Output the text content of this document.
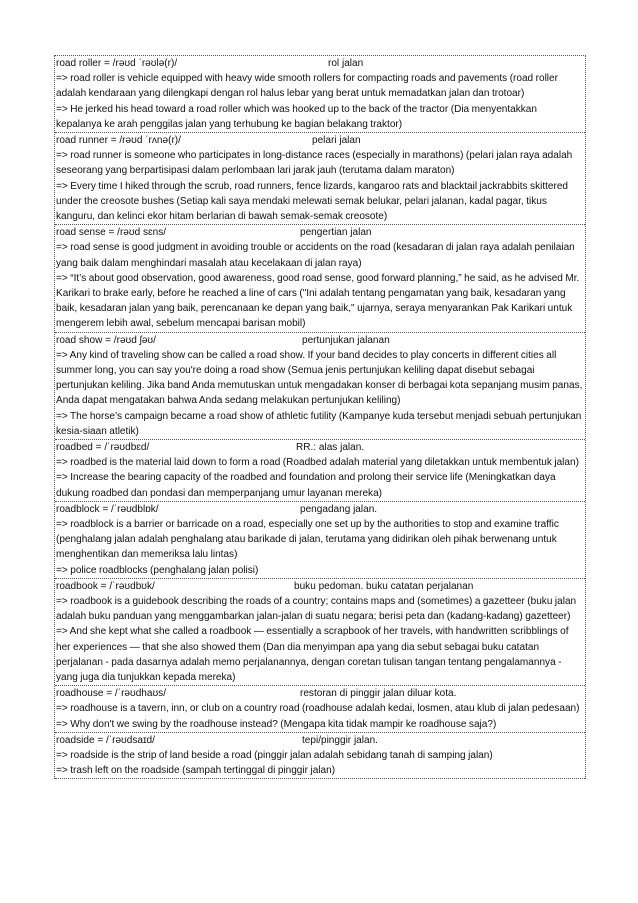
road roller = /rəʊd ˈrəʊlə(r)/	rol jalan
=> road roller is vehicle equipped with heavy wide smooth rollers for compacting roads and pavements (road roller adalah kendaraan yang dilengkapi dengan rol halus lebar yang berat untuk memadatkan jalan dan trotoar)
=> He jerked his head toward a road roller which was hooked up to the back of the tractor (Dia menyentakkan kepalanya ke arah penggilas jalan yang terhubung ke bagian belakang traktor)
road runner = /rəʊd ˈrʌnə(r)/	pelari jalan
=> road runner is someone who participates in long-distance races (especially in marathons) (pelari jalan raya adalah seseorang yang berpartisipasi dalam perlombaan lari jarak jauh (terutama dalam maraton)
=> Every time I hiked through the scrub, road runners, fence lizards, kangaroo rats and blacktail jackrabbits skittered under the creosote bushes (Setiap kali saya mendaki melewati semak belukar, pelari jalanan, kadal pagar, tikus kanguru, dan kelinci ekor hitam berlarian di bawah semak-semak creosote)
road sense = /rəʊd sɛns/	pengertian jalan
=> road sense is good judgment in avoiding trouble or accidents on the road (kesadaran di jalan raya adalah penilaian yang baik dalam menghindari masalah atau kecelakaan di jalan raya)
=> “It’s about good observation, good awareness, good road sense, good forward planning,” he said, as he advised Mr. Karikari to brake early, before he reached a line of cars ("Ini adalah tentang pengamatan yang baik, kesadaran yang baik, kesadaran jalan yang baik, perencanaan ke depan yang baik," ujarnya, seraya menyarankan Pak Karikari untuk mengerem lebih awal, sebelum mencapai barisan mobil)
road show = /rəʊd ʃəʊ/	pertunjukan jalanan
=> Any kind of traveling show can be called a road show. If your band decides to play concerts in different cities all summer long, you can say you're doing a road show (Semua jenis pertunjukan keliling dapat disebut sebagai pertunjukan keliling. Jika band Anda memutuskan untuk mengadakan konser di berbagai kota sepanjang musim panas, Anda dapat mengatakan bahwa Anda sedang melakukan pertunjukan keliling)
=> The horse’s campaign became a road show of athletic futility (Kampanye kuda tersebut menjadi sebuah pertunjukan kesia-siaan atletik)
roadbed = /ˈrəʊdbɛd/	RR.: alas jalan.
=> roadbed is the material laid down to form a road (Roadbed adalah material yang diletakkan untuk membentuk jalan)
=> Increase the bearing capacity of the roadbed and foundation and prolong their service life (Meningkatkan daya dukung roadbed dan pondasi dan memperpanjang umur layanan mereka)
roadblock = /ˈrəʊdblɒk/	pengadang jalan.
=> roadblock is a barrier or barricade on a road, especially one set up by the authorities to stop and examine traffic (penghalang jalan adalah penghalang atau barikade di jalan, terutama yang didirikan oleh pihak berwenang untuk menghentikan dan memeriksa lalu lintas)
=> police roadblocks (penghalang jalan polisi)
roadbook = /ˈrəʊdbʊk/	buku pedoman. buku catatan perjalanan
=> roadbook is a guidebook describing the roads of a country; contains maps and (sometimes) a gazetteer (buku jalan adalah buku panduan yang menggambarkan jalan-jalan di suatu negara; berisi peta dan (kadang-kadang) gazetteer)
=> And she kept what she called a roadbook — essentially a scrapbook of her travels, with handwritten scribblings of her experiences — that she also showed them (Dan dia menyimpan apa yang dia sebut sebagai buku catatan perjalanan - pada dasarnya adalah memo perjalanannya, dengan coretan tulisan tangan tentang pengalamannya - yang juga dia tunjukkan kepada mereka)
roadhouse = /ˈrəʊdhaʊs/	restoran di pinggir jalan diluar kota.
=> roadhouse is a tavern, inn, or club on a country road (roadhouse adalah kedai, losmen, atau klub di jalan pedesaan)
=> Why don't we swing by the roadhouse instead? (Mengapa kita tidak mampir ke roadhouse saja?)
roadside = /ˈrəʊdsaɪd/	tepi/pinggir jalan.
=> roadside is the strip of land beside a road (pinggir jalan adalah sebidang tanah di samping jalan)
=> trash left on the roadside (sampah tertinggal di pinggir jalan)
